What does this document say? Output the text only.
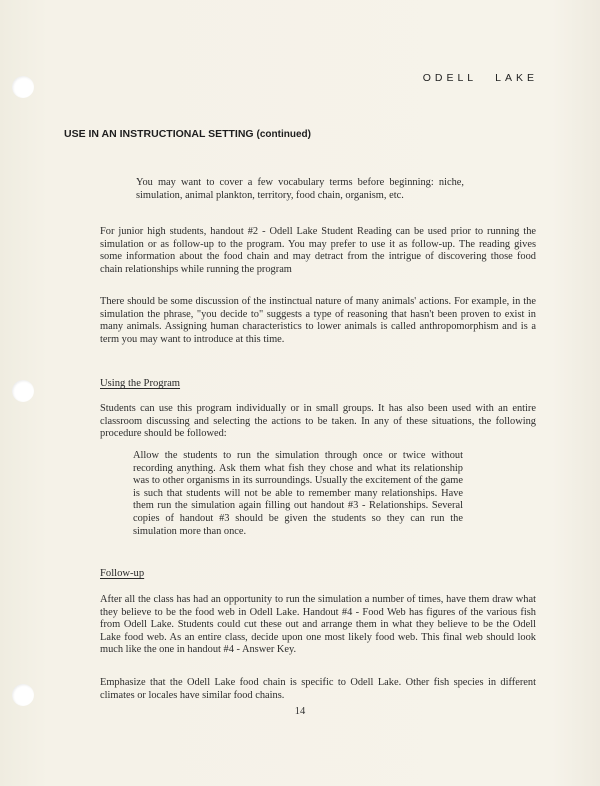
ODELL LAKE
USE IN AN INSTRUCTIONAL SETTING (continued)

You may want to cover a few vocabulary terms before beginning: niche, simulation, animal plankton, territory, food chain, organism, etc.

For junior high students, handout #2 - Odell Lake Student Reading can be used prior to running the simulation or as follow-up to the program. You may prefer to use it as follow-up. The reading gives some information about the food chain and may detract from the intrigue of discovering those food chain relationships while running the program

There should be some discussion of the instinctual nature of many animals' actions. For example, in the simulation the phrase, "you decide to" suggests a type of reasoning that hasn't been proven to exist in many animals. Assigning human characteristics to lower animals is called anthropomorphism and is a term you may want to introduce at this time.

Using the Program

Students can use this program individually or in small groups. It has also been used with an entire classroom discussing and selecting the actions to be taken. In any of these situations, the following procedure should be followed:

Allow the students to run the simulation through once or twice without recording anything. Ask them what fish they chose and what its relationship was to other organisms in its surroundings. Usually the excitement of the game is such that students will not be able to remember many relationships. Have them run the simulation again filling out handout #3 - Relationships. Several copies of handout #3 should be given the students so they can run the simulation more than once.

Follow-up

After all the class has had an opportunity to run the simulation a number of times, have them draw what they believe to be the food web in Odell Lake. Handout #4 - Food Web has figures of the various fish from Odell Lake. Students could cut these out and arrange them in what they believe to be the Odell Lake food web. As an entire class, decide upon one most likely food web. This final web should look much like the one in handout #4 - Answer Key.

Emphasize that the Odell Lake food chain is specific to Odell Lake. Other fish species in different climates or locales have similar food chains.

14
